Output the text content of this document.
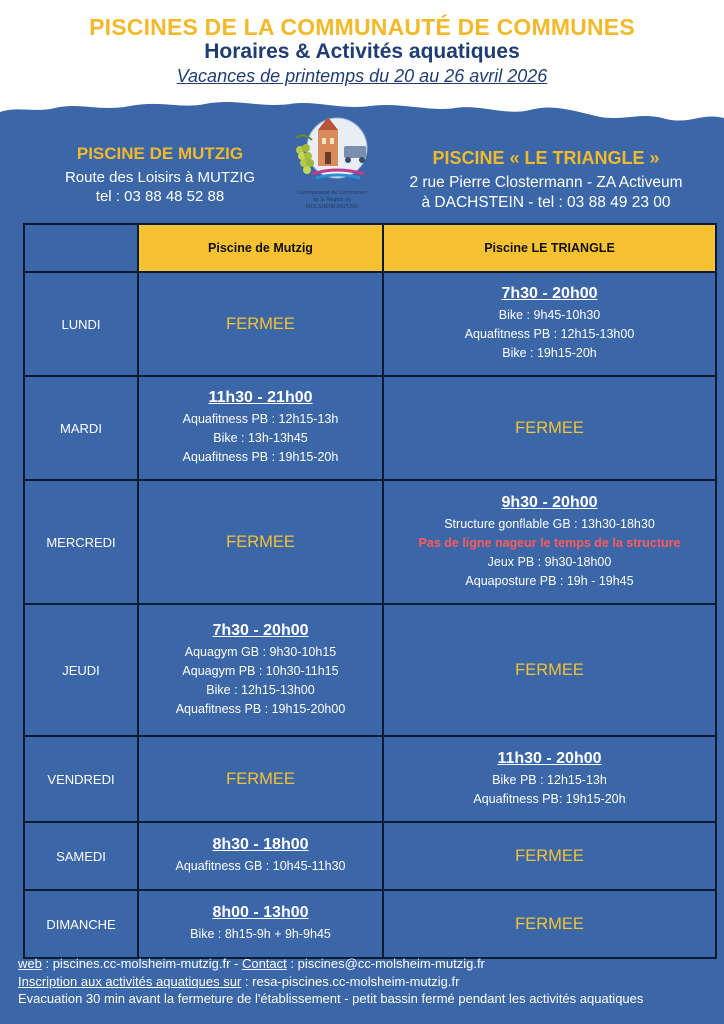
PISCINES DE LA COMMUNAUTÉ DE COMMUNES
Horaires & Activités aquatiques
Vacances de printemps du 20 au 26 avril 2026
PISCINE DE MUTZIG
Route des Loisirs à MUTZIG
tel : 03 88 48 52 88	Communauté de Communes
de la Région de
MOLSHEIM-MUTZIG
PISCINE « LE TRIANGLE »
2 rue Pierre Clostermann - ZA Activeum
à DACHSTEIN - tel : 03 88 49 23 00
	Piscine de Mutzig	Piscine LE TRIANGLE
LUNDI	FERMEE	7h30 - 20h00
Bike : 9h45-10h30
Aquafitness PB : 12h15-13h00
Bike : 19h15-20h

MARDI	11h30 - 21h00
Aquafitness PB : 12h15-13h
Bike : 13h-13h45
Aquafitness PB : 19h15-20h	FERMEE
MERCREDI	FERMEE	9h30 - 20h00
Structure gonflable GB : 13h30-18h30
Pas de ligne nageur le temps de la structure
Jeux PB : 9h30-18h00
Aquaposture PB : 19h - 19h45

JEUDI	7h30 - 20h00
Aquagym GB : 9h30-10h15
Aquagym PB : 10h30-11h15
Bike : 12h15-13h00
Aquafitness PB : 19h15-20h00	FERMEE
VENDREDI	FERMEE	11h30 - 20h00
Bike PB : 12h15-13h
Aquafitness PB: 19h15-20h

SAMEDI	8h30 - 18h00
Aquafitness GB : 10h45-11h30	FERMEE
DIMANCHE	8h00 - 13h00
Bike : 8h15-9h + 9h-9h45	FERMEE
web : piscines.cc-molsheim-mutzig.fr - Contact : piscines@cc-molsheim-mutzig.fr
Inscription aux activités aquatiques sur : resa-piscines.cc-molsheim-mutzig.fr
Evacuation 30 min avant la fermeture de l'établissement - petit bassin fermé pendant les activités aquatiques
